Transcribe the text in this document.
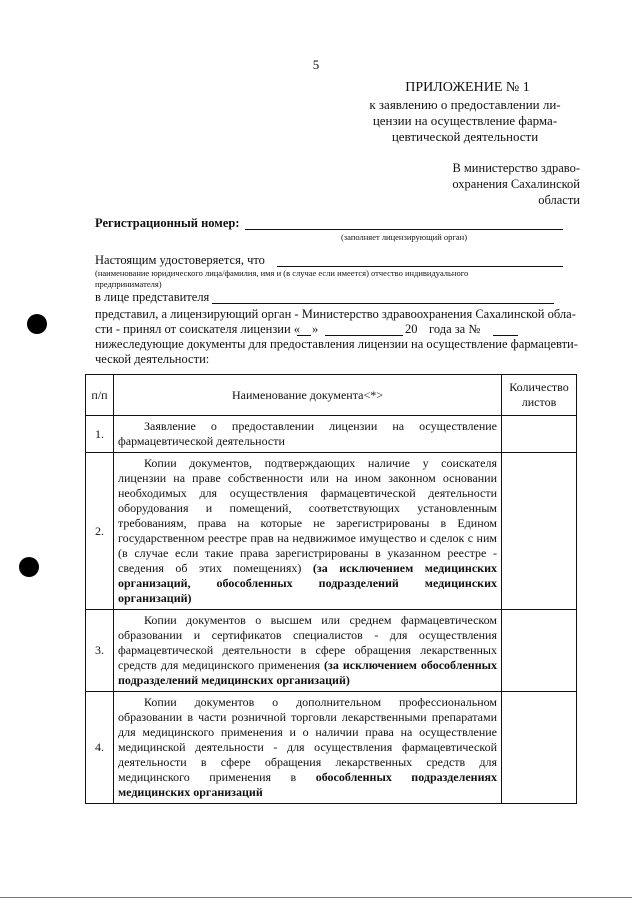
5
ПРИЛОЖЕНИЕ № 1
к заявлению о предоставлении ли-
цензии на осуществление фарма-
цевтической деятельности
В министерство здраво-
охранения Сахалинской
области
Регистрационный номер:
(заполняет лицензирующий орган)
Настоящим удостоверяется, что
(наименование юридического лица/фамилия, имя и (в случае если имеется) отчество индивидуального
предпринимателя)
в лице представителя
представил, а лицензирующий орган - Министерство здравоохранения Сахалинской обла-
сти - принял от соискателя лицензии « »	20 года за №
нижеследующие документы для предоставления лицензии на осуществление фармацевти-
ческой деятельности:
п/п	Наименование документа<*>	Количество листов
1.	Заявление о предоставлении лицензии на осуществление фармацевтической деятельности	
2.	Копии документов, подтверждающих наличие у соискателя лицензии на праве собственности или на ином законном основании необходимых для осуществления фармацевтической деятельности оборудования и помещений, соответствующих установленным требованиям, права на которые не зарегистрированы в Едином государственном реестре прав на недвижимое имущество и сделок с ним (в случае если такие права зарегистрированы в указанном реестре - сведения об этих помещениях) (за исключением медицинских организаций, обособленных подразделений медицинских организаций)	
3.	Копии документов о высшем или среднем фармацевтическом образовании и сертификатов специалистов - для осуществления фармацевтической деятельности в сфере обращения лекарственных средств для медицинского применения (за исключением обособленных подразделений медицинских организаций)	
4.	Копии документов о дополнительном профессиональном образовании в части розничной торговли лекарственными препаратами для медицинского применения и о наличии права на осуществление медицинской деятельности - для осуществления фармацевтической деятельности в сфере обращения лекарственных средств для медицинского применения в обособленных подразделениях медицинских организаций	
